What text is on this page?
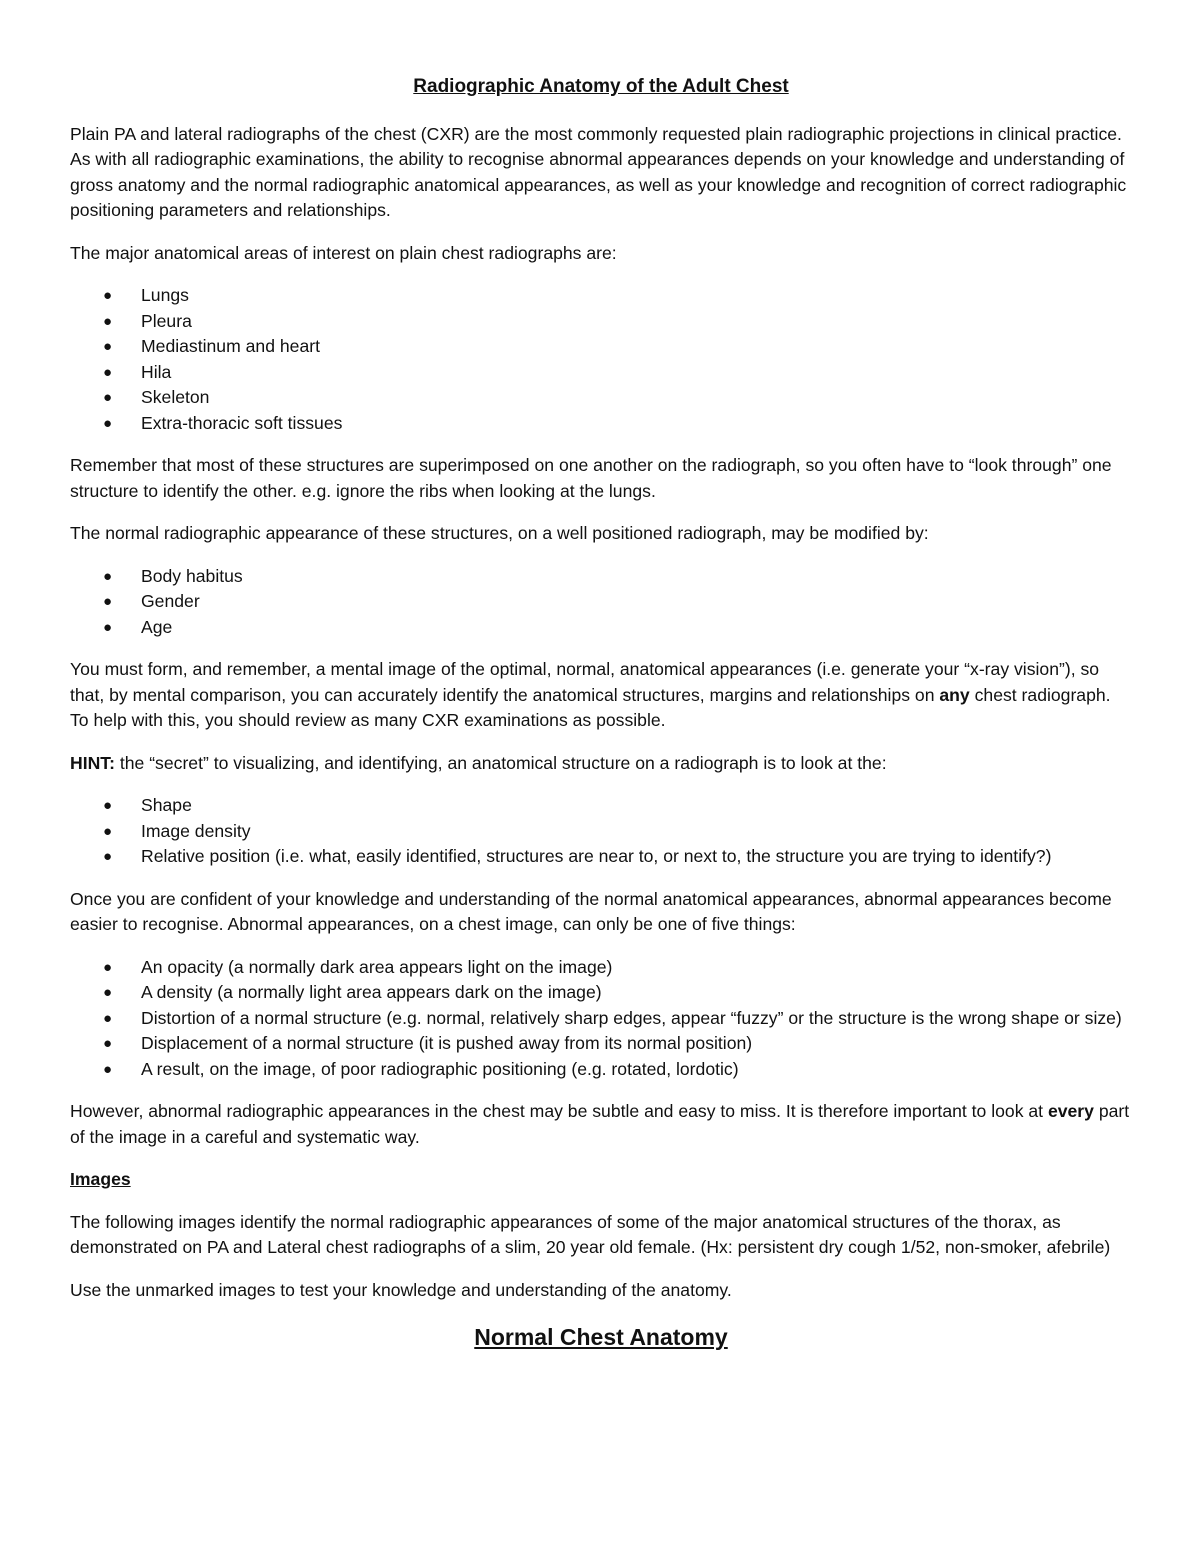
Radiographic Anatomy of the Adult Chest

Plain PA and lateral radiographs of the chest (CXR) are the most commonly requested plain radiographic projections in clinical practice. As with all radiographic examinations, the ability to recognise abnormal appearances depends on your knowledge and understanding of gross anatomy and the normal radiographic anatomical appearances, as well as your knowledge and recognition of correct radiographic positioning parameters and relationships.

The major anatomical areas of interest on plain chest radiographs are:

● Lungs
● Pleura
● Mediastinum and heart
● Hila
● Skeleton
● Extra-thoracic soft tissues

Remember that most of these structures are superimposed on one another on the radiograph, so you often have to “look through” one structure to identify the other. e.g. ignore the ribs when looking at the lungs.

The normal radiographic appearance of these structures, on a well positioned radiograph, may be modified by:

● Body habitus
● Gender
● Age

You must form, and remember, a mental image of the optimal, normal, anatomical appearances (i.e. generate your “x-ray vision”), so that, by mental comparison, you can accurately identify the anatomical structures, margins and relationships on any chest radiograph. To help with this, you should review as many CXR examinations as possible.

HINT: the “secret” to visualizing, and identifying, an anatomical structure on a radiograph is to look at the:

● Shape
● Image density
● Relative position (i.e. what, easily identified, structures are near to, or next to, the structure you are trying to identify?)

Once you are confident of your knowledge and understanding of the normal anatomical appearances, abnormal appearances become easier to recognise. Abnormal appearances, on a chest image, can only be one of five things:

● An opacity (a normally dark area appears light on the image)
● A density (a normally light area appears dark on the image)
● Distortion of a normal structure (e.g. normal, relatively sharp edges, appear “fuzzy” or the structure is the wrong shape or size)
● Displacement of a normal structure (it is pushed away from its normal position)
● A result, on the image, of poor radiographic positioning (e.g. rotated, lordotic)

However, abnormal radiographic appearances in the chest may be subtle and easy to miss. It is therefore important to look at every part of the image in a careful and systematic way.

Images

The following images identify the normal radiographic appearances of some of the major anatomical structures of the thorax, as demonstrated on PA and Lateral chest radiographs of a slim, 20 year old female. (Hx: persistent dry cough 1/52, non-smoker, afebrile)

Use the unmarked images to test your knowledge and understanding of the anatomy.

Normal Chest Anatomy
